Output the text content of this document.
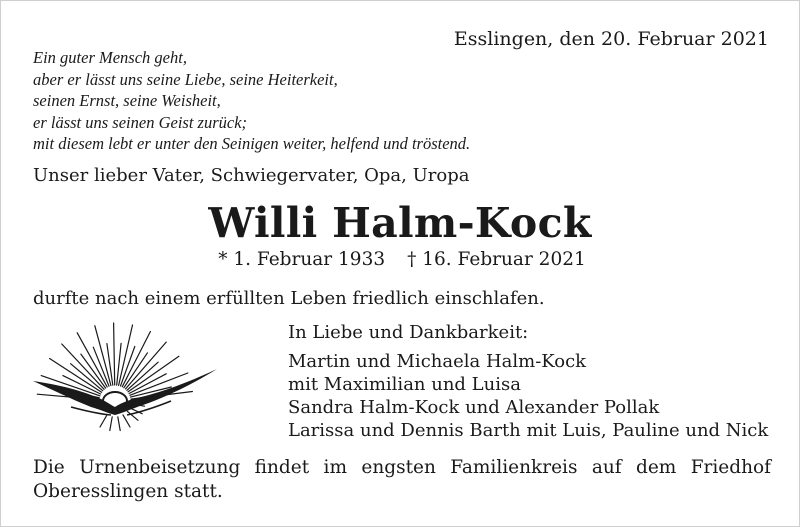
Esslingen, den 20. Februar 2021
Ein guter Mensch geht,
aber er lässt uns seine Liebe, seine Heiterkeit,
seinen Ernst, seine Weisheit,
er lässt uns seinen Geist zurück;
mit diesem lebt er unter den Seinigen weiter, helfend und tröstend.
Unser lieber Vater, Schwiegervater, Opa, Uropa
Willi Halm-Kock
* 1. Februar 1933 † 16. Februar 2021
durfte nach einem erfüllten Leben friedlich einschlafen.
In Liebe und Dankbarkeit:
Martin und Michaela Halm-Kock
mit Maximilian und Luisa
Sandra Halm-Kock und Alexander Pollak
Larissa und Dennis Barth mit Luis, Pauline und Nick
Die Urnenbeisetzung findet im engsten Familienkreis auf dem Friedhof Oberesslingen statt.
